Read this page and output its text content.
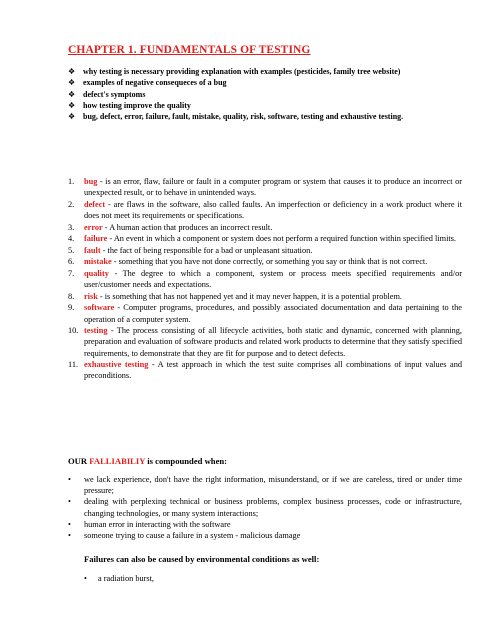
CHAPTER 1. FUNDAMENTALS OF TESTING
❖ why testing is necessary providing explanation with examples (pesticides, family tree website)
❖ examples of negative consequeces of a bug
❖ defect's symptoms
❖ how testing improve the quality
❖ bug, defect, error, failure, fault, mistake, quality, risk, software, testing and exhaustive testing.
1. bug - is an error, flaw, failure or fault in a computer program or system that causes it to produce an incorrect or unexpected result, or to behave in unintended ways.
2. defect - are flaws in the software, also called faults. An imperfection or deficiency in a work product where it does not meet its requirements or specifications.
3. error - A human action that produces an incorrect result.
4. failure - An event in which a component or system does not perform a required function within specified limits.
5. fault - the fact of being responsible for a bad or unpleasant situation.
6. mistake - something that you have not done correctly, or something you say or think that is not correct.
7. quality - The degree to which a component, system or process meets specified requirements and/or user/customer needs and expectations.
8. risk - is something that has not happened yet and it may never happen, it is a potential problem.
9. software - Computer programs, procedures, and possibly associated documentation and data pertaining to the operation of a computer system.
10. testing - The process consisting of all lifecycle activities, both static and dynamic, concerned with planning, preparation and evaluation of software products and related work products to determine that they satisfy specified requirements, to demonstrate that they are fit for purpose and to detect defects.
11. exhaustive testing - A test approach in which the test suite comprises all combinations of input values and preconditions.
OUR FALLIABILIY is compounded when:
• we lack experience, don't have the right information, misunderstand, or if we are careless, tired or under time pressure;
• dealing with perplexing technical or business problems, complex business processes, code or infrastructure, changing technologies, or many system interactions;
• human error in interacting with the software
• someone trying to cause a failure in a system - malicious damage
Failures can also be caused by environmental conditions as well:
• a radiation burst,
